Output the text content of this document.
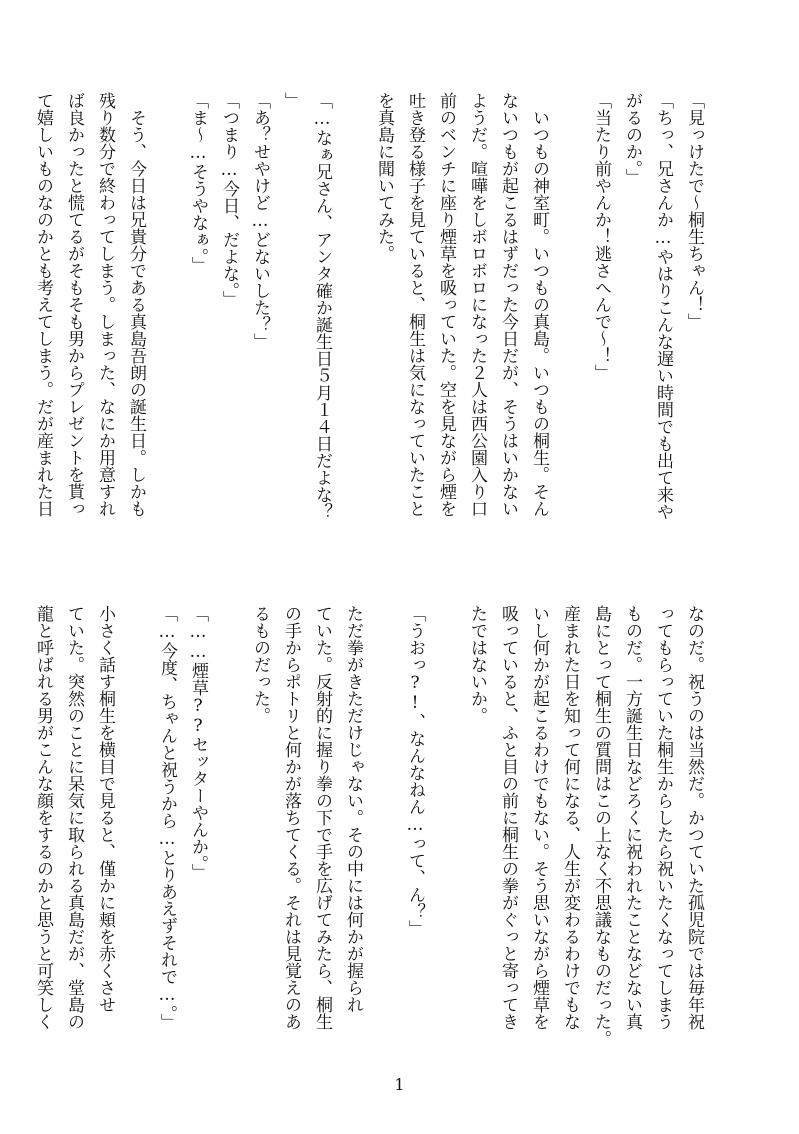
「見っけたで〜桐生ちゃん！」
「ちっ、兄さんか…やはりこんな遅い時間でも出て来や
がるのか。」
「当たり前やんか！逃さへんで〜！」

　いつもの神室町。いつもの真島。いつもの桐生。そん
ないつもが起こるはずだった今日だが、そうはいかない
ようだ。喧嘩をしボロボロになった２人は西公園入り口
前のベンチに座り煙草を吸っていた。空を見ながら煙を
吐き登る様子を見ていると、桐生は気になっていたこと
を真島に聞いてみた。

「…なぁ兄さん、アンタ確か誕生日５月１４日だよな？
」
「あ？せやけど…どないした？」
「つまり…今日、だよな。」
「ま〜…そうやなぁ。」

　そう、今日は兄貴分である真島吾朗の誕生日。しかも
残り数分で終わってしまう。しまった、なにか用意すれ
ば良かったと慌てるがそもそも男からプレゼントを貰っ
て嬉しいものなのかとも考えてしまう。だが産まれた日
なのだ。祝うのは当然だ。かつていた孤児院では毎年祝
ってもらっていた桐生からしたら祝いたくなってしまう
ものだ。一方誕生日などろくに祝われたことなどない真
島にとって桐生の質問はこの上なく不思議なものだった。
産まれた日を知って何になる、人生が変わるわけでもな
いし何かが起こるわけでもない。そう思いながら煙草を
吸っていると、ふと目の前に桐生の拳がぐっと寄ってき
たではないか。

「うおっ?!、なんなねん…って、ん？」

ただ拳がきただけじゃない。その中には何かが握られ
ていた。反射的に握り拳の下で手を広げてみたら、桐生
の手からポトリと何かが落ちてくる。それは見覚えのあ
るものだった。

「……煙草??セッターやんか。」
「…今度、ちゃんと祝うから…とりあえずそれで…。」

小さく話す桐生を横目で見ると、僅かに頬を赤くさせ
ていた。突然のことに呆気に取られる真島だが、堂島の
龍と呼ばれる男がこんな顔をするのかと思うと可笑しく
1
